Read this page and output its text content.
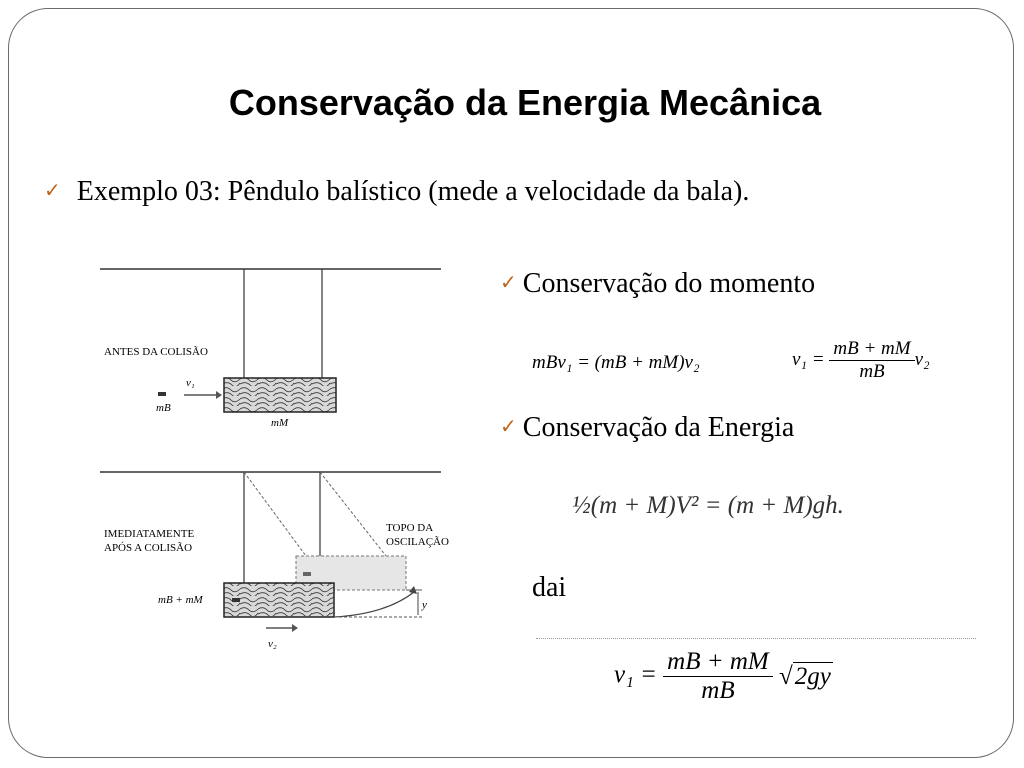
Conservação da Energia Mecânica
✓ Exemplo 03: Pêndulo balístico (mede a velocidade da bala).
ANTES DA COLISÃO
v₁
mB
mM
y
IMEDIATAMENTE
APÓS A COLISÃO
TOPO DA
OSCILAÇÃO
mB + mM
v₂
✓ Conservação do momento
mBv₁ = (mB + mM)v₂	$v_1 = \frac{mB + mM}{mB} v_2$
✓ Conservação da Energia
½(m + M)V² = (m + M)gh.
dai
$v_1 = \frac{mB + mM}{mB} √2gy$
